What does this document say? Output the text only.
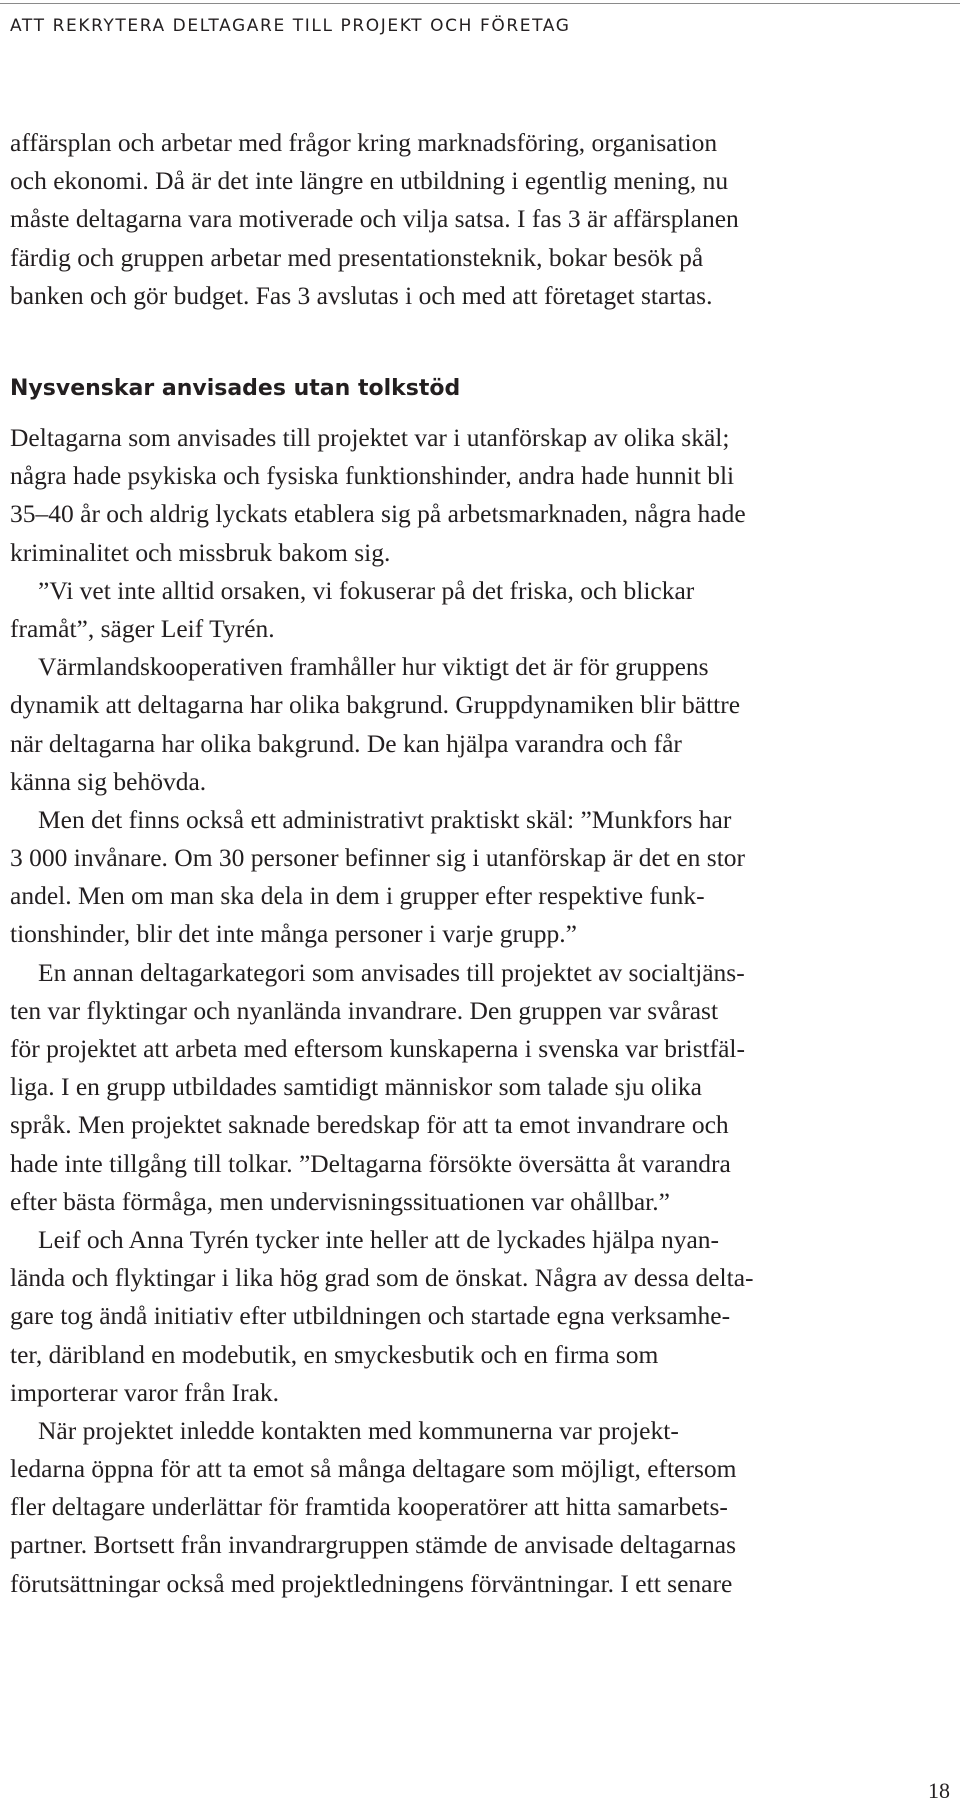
ATT REKRYTERA DELTAGARE TILL PROJEKT OCH FÖRETAG
affärsplan och arbetar med frågor kring marknadsföring, organisation
och ekonomi. Då är det inte längre en utbildning i egentlig mening, nu
måste deltagarna vara motiverade och vilja satsa. I fas 3 är affärsplanen
färdig och gruppen arbetar med presentationsteknik, bokar besök på
banken och gör budget. Fas 3 avslutas i och med att företaget startas.
Nysvenskar anvisades utan tolkstöd
Deltagarna som anvisades till projektet var i utanförskap av olika skäl;
några hade psykiska och fysiska funktionshinder, andra hade hunnit bli
35–40 år och aldrig lyckats etablera sig på arbetsmarknaden, några hade
kriminalitet och missbruk bakom sig.
”Vi vet inte alltid orsaken, vi fokuserar på det friska, och blickar
framåt”, säger Leif Tyrén.
Värmlandskooperativen framhåller hur viktigt det är för gruppens
dynamik att deltagarna har olika bakgrund. Gruppdynamiken blir bättre
när deltagarna har olika bakgrund. De kan hjälpa varandra och får
känna sig behövda.
Men det finns också ett administrativt praktiskt skäl: ”Munkfors har
3 000 invånare. Om 30 personer befinner sig i utanförskap är det en stor
andel. Men om man ska dela in dem i grupper efter respektive funk-
tionshinder, blir det inte många personer i varje grupp.”
En annan deltagarkategori som anvisades till projektet av socialtjäns-
ten var flyktingar och nyanlända invandrare. Den gruppen var svårast
för projektet att arbeta med eftersom kunskaperna i svenska var bristfäl-
liga. I en grupp utbildades samtidigt människor som talade sju olika
språk. Men projektet saknade beredskap för att ta emot invandrare och
hade inte tillgång till tolkar. ”Deltagarna försökte översätta åt varandra
efter bästa förmåga, men undervisningssituationen var ohållbar.”
Leif och Anna Tyrén tycker inte heller att de lyckades hjälpa nyan-
lända och flyktingar i lika hög grad som de önskat. Några av dessa delta-
gare tog ändå initiativ efter utbildningen och startade egna verksamhe-
ter, däribland en modebutik, en smyckesbutik och en firma som
importerar varor från Irak.
När projektet inledde kontakten med kommunerna var projekt-
ledarna öppna för att ta emot så många deltagare som möjligt, eftersom
fler deltagare underlättar för framtida kooperatörer att hitta samarbets-
partner. Bortsett från invandrargruppen stämde de anvisade deltagarnas
förutsättningar också med projektledningens förväntningar. I ett senare
18
